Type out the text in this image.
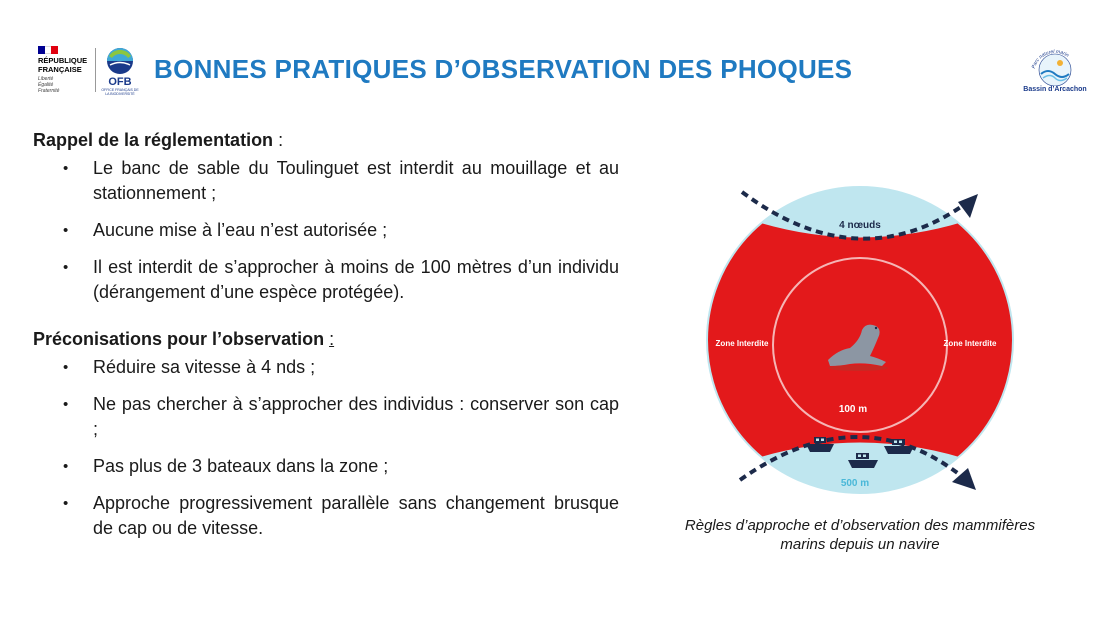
RÉPUBLIQUE
FRANÇAISE
Liberté
Égalité
Fraternité
OFB
OFFICE FRANÇAIS DE LA BIODIVERSITÉ
BONNES PRATIQUES D’OBSERVATION DES PHOQUES	Parc naturel marin
Bassin d’Arcachon

Rappel de la réglementation :

• Le banc de sable du Toulinguet est interdit au mouillage et au stationnement ;
• Aucune mise à l’eau n’est autorisée ;
• Il est interdit de s’approcher à moins de 100 mètres d’un individu (dérangement d’une espèce protégée).

Préconisations pour l’observation :

• Réduire sa vitesse à 4 nds ;
• Ne pas chercher à s’approcher des individus : conserver son cap ;
• Pas plus de 3 bateaux dans la zone ;
• Approche progressivement parallèle sans changement brusque de cap ou de vitesse.
4 nœuds
Zone Interdite	Zone Interdite
100 m
500 m
Règles d’approche et d’observation des mammifères marins depuis un navire
